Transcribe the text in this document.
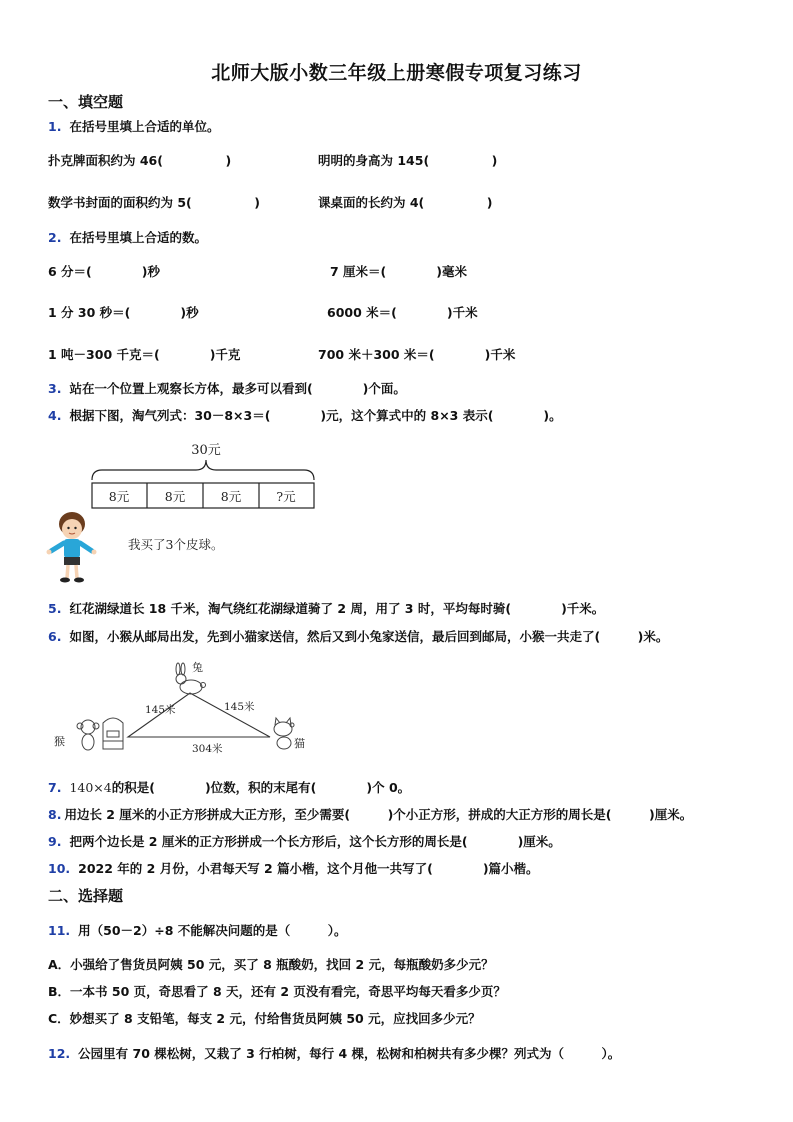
北师大版小数三年级上册寒假专项复习练习
一、填空题
1. 在括号里填上合适的单位。
扑克牌面积约为 46(　　　　　)	明明的身高为 145(　　　　　)
数学书封面的面积约为 5(　　　　　)	课桌面的长约为 4(　　　　　)
2. 在括号里填上合适的数。
6 分＝(　　　　)秒	7 厘米＝(　　　　)毫米
1 分 30 秒＝(　　　　)秒	6000 米＝(　　　　)千米
1 吨－300 千克＝(　　　　)千克	700 米＋300 米＝(　　　　)千米
3. 站在一个位置上观察长方体，最多可以看到(　　　　)个面。
4. 根据下图，淘气列式：30－8×3＝(　　　　)元，这个算式中的 8×3 表示(　　　　)。
30元
8元	8元	8元	?元
我买了3个皮球。
5. 红花湖绿道长 18 千米，淘气绕红花湖绿道骑了 2 周，用了 3 时，平均每时骑(　　　　)千米。
6. 如图，小猴从邮局出发，先到小猫家送信，然后又到小兔家送信，最后回到邮局，小猴一共走了(　　　)米。
145米	145米
304米
兔
猴	猫
7. 140×4的积是(　　　　)位数，积的末尾有(　　　　)个 0。
8. 用边长 2 厘米的小正方形拼成大正方形，至少需要(　　　)个小正方形，拼成的大正方形的周长是(　　　)厘米。
9. 把两个边长是 2 厘米的正方形拼成一个长方形后，这个长方形的周长是(　　　　)厘米。
10. 2022 年的 2 月份，小君每天写 2 篇小楷，这个月他一共写了(　　　　)篇小楷。
二、选择题
11. 用（50－2）÷8 不能解决问题的是（　　　）。
A．小强给了售货员阿姨 50 元，买了 8 瓶酸奶，找回 2 元，每瓶酸奶多少元？
B．一本书 50 页，奇思看了 8 天，还有 2 页没有看完，奇思平均每天看多少页？
C．妙想买了 8 支铅笔，每支 2 元，付给售货员阿姨 50 元，应找回多少元？
12. 公园里有 70 棵松树，又栽了 3 行柏树，每行 4 棵，松树和柏树共有多少棵？列式为（　　　）。
